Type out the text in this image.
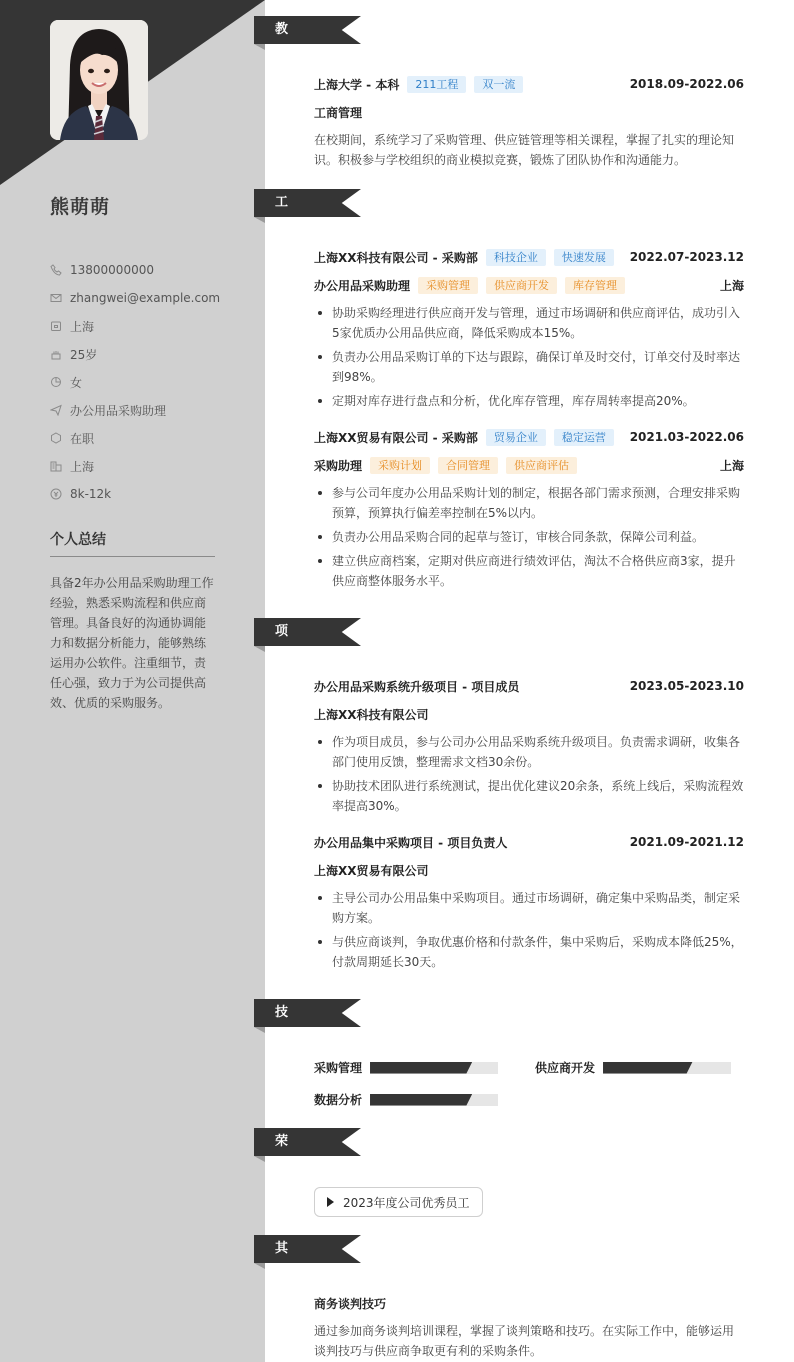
熊萌萌
13800000000
zhangwei@example.com
上海
25岁
女
办公用品采购助理
在职
上海
8k-12k
个人总结
具备2年办公用品采购助理工作经验，熟悉采购流程和供应商管理。具备良好的沟通协调能力和数据分析能力，能够熟练运用办公软件。注重细节，责任心强，致力于为公司提供高效、优质的采购服务。
教育经历
上海大学 - 本科	211工程	双一流	2018.09-2022.06
工商管理
在校期间，系统学习了采购管理、供应链管理等相关课程，掌握了扎实的理论知识。积极参与学校组织的商业模拟竞赛，锻炼了团队协作和沟通能力。
工作经历
上海XX科技有限公司 - 采购部	科技企业	快速发展	2022.07-2023.12
办公用品采购助理	采购管理	供应商开发	库存管理	上海
协助采购经理进行供应商开发与管理，通过市场调研和供应商评估，成功引入5家优质办公用品供应商，降低采购成本15%。
负责办公用品采购订单的下达与跟踪，确保订单及时交付，订单交付及时率达到98%。
定期对库存进行盘点和分析，优化库存管理，库存周转率提高20%。
上海XX贸易有限公司 - 采购部	贸易企业	稳定运营	2021.03-2022.06
采购助理	采购计划	合同管理	供应商评估	上海
参与公司年度办公用品采购计划的制定，根据各部门需求预测，合理安排采购预算，预算执行偏差率控制在5%以内。
负责办公用品采购合同的起草与签订，审核合同条款，保障公司利益。
建立供应商档案，定期对供应商进行绩效评估，淘汰不合格供应商3家，提升供应商整体服务水平。
项目经历
办公用品采购系统升级项目 - 项目成员	2023.05-2023.10
上海XX科技有限公司
作为项目成员，参与公司办公用品采购系统升级项目。负责需求调研，收集各部门使用反馈，整理需求文档30余份。
协助技术团队进行系统测试，提出优化建议20余条，系统上线后，采购流程效率提高30%。
办公用品集中采购项目 - 项目负责人	2021.09-2021.12
上海XX贸易有限公司
主导公司办公用品集中采购项目。通过市场调研，确定集中采购品类，制定采购方案。
与供应商谈判，争取优惠价格和付款条件，集中采购后，采购成本降低25%，付款周期延长30天。
技能专长
采购管理	供应商开发
数据分析
荣誉奖项
2023年度公司优秀员工
其他信息
商务谈判技巧
通过参加商务谈判培训课程，掌握了谈判策略和技巧。在实际工作中，能够运用谈判技巧与供应商争取更有利的采购条件。
